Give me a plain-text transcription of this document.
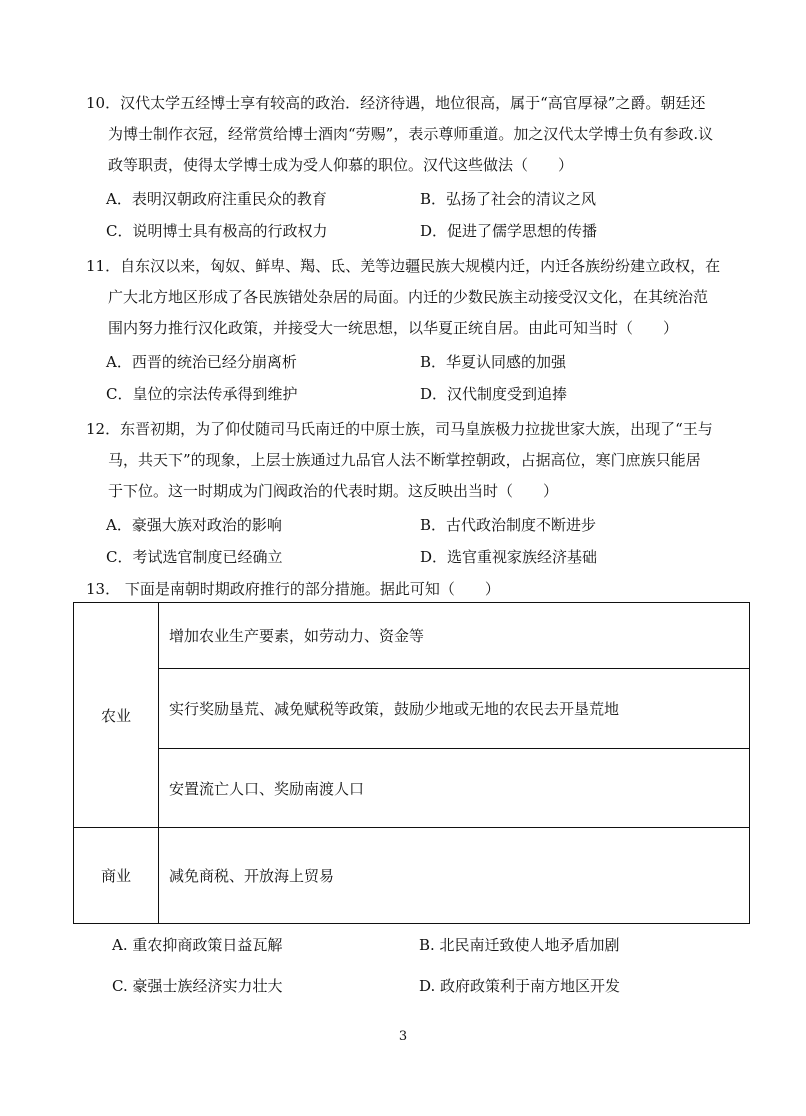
10．汉代太学五经博士享有较高的政治．经济待遇，地位很高，属于“高官厚禄”之爵。朝廷还
为博士制作衣冠，经常赏给博士酒肉“劳赐”，表示尊师重道。加之汉代太学博士负有参政.议
政等职责，使得太学博士成为受人仰慕的职位。汉代这些做法（　　）
A．表明汉朝政府注重民众的教育	B．弘扬了社会的清议之风
C．说明博士具有极高的行政权力	D．促进了儒学思想的传播
11．自东汉以来，匈奴、鲜卑、羯、氐、羌等边疆民族大规模内迁，内迁各族纷纷建立政权，在
广大北方地区形成了各民族错处杂居的局面。内迁的少数民族主动接受汉文化，在其统治范
围内努力推行汉化政策，并接受大一统思想，以华夏正统自居。由此可知当时（　　）
A．西晋的统治已经分崩离析	B．华夏认同感的加强
C．皇位的宗法传承得到维护	D．汉代制度受到追捧
12．东晋初期，为了仰仗随司马氏南迁的中原士族，司马皇族极力拉拢世家大族，出现了“王与
马，共天下”的现象，上层士族通过九品官人法不断掌控朝政，占据高位，寒门庶族只能居
于下位。这一时期成为门阀政治的代表时期。这反映出当时（　　）
A．豪强大族对政治的影响	B．古代政治制度不断进步
C．考试选官制度已经确立	D．选官重视家族经济基础
13． 下面是南朝时期政府推行的部分措施。据此可知（　　）
农业	增加农业生产要素，如劳动力、资金等
	实行奖励垦荒、减免赋税等政策，鼓励少地或无地的农民去开垦荒地
	安置流亡人口、奖励南渡人口
商业	减免商税、开放海上贸易
A. 重农抑商政策日益瓦解	B. 北民南迁致使人地矛盾加剧
C. 豪强士族经济实力壮大	D. 政府政策利于南方地区开发
3
